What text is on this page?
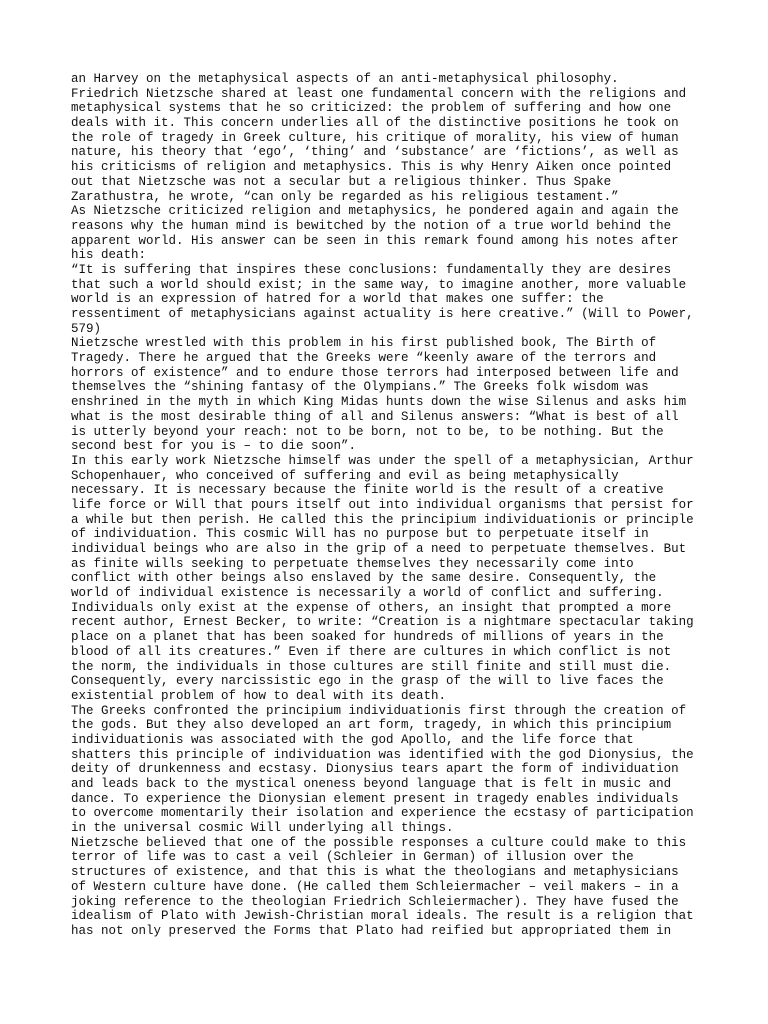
an Harvey on the metaphysical aspects of an anti-metaphysical philosophy.
Friedrich Nietzsche shared at least one fundamental concern with the religions and
metaphysical systems that he so criticized: the problem of suffering and how one
deals with it. This concern underlies all of the distinctive positions he took on
the role of tragedy in Greek culture, his critique of morality, his view of human
nature, his theory that ‘ego’, ‘thing’ and ‘substance’ are ‘fictions’, as well as
his criticisms of religion and metaphysics. This is why Henry Aiken once pointed
out that Nietzsche was not a secular but a religious thinker. Thus Spake
Zarathustra, he wrote, “can only be regarded as his religious testament.”
As Nietzsche criticized religion and metaphysics, he pondered again and again the
reasons why the human mind is bewitched by the notion of a true world behind the
apparent world. His answer can be seen in this remark found among his notes after
his death:
“It is suffering that inspires these conclusions: fundamentally they are desires
that such a world should exist; in the same way, to imagine another, more valuable
world is an expression of hatred for a world that makes one suffer: the
ressentiment of metaphysicians against actuality is here creative.” (Will to Power,
579)
Nietzsche wrestled with this problem in his first published book, The Birth of
Tragedy. There he argued that the Greeks were “keenly aware of the terrors and
horrors of existence” and to endure those terrors had interposed between life and
themselves the “shining fantasy of the Olympians.” The Greeks folk wisdom was
enshrined in the myth in which King Midas hunts down the wise Silenus and asks him
what is the most desirable thing of all and Silenus answers: “What is best of all
is utterly beyond your reach: not to be born, not to be, to be nothing. But the
second best for you is – to die soon”.
In this early work Nietzsche himself was under the spell of a metaphysician, Arthur
Schopenhauer, who conceived of suffering and evil as being metaphysically
necessary. It is necessary because the finite world is the result of a creative
life force or Will that pours itself out into individual organisms that persist for
a while but then perish. He called this the principium individuationis or principle
of individuation. This cosmic Will has no purpose but to perpetuate itself in
individual beings who are also in the grip of a need to perpetuate themselves. But
as finite wills seeking to perpetuate themselves they necessarily come into
conflict with other beings also enslaved by the same desire. Consequently, the
world of individual existence is necessarily a world of conflict and suffering.
Individuals only exist at the expense of others, an insight that prompted a more
recent author, Ernest Becker, to write: “Creation is a nightmare spectacular taking
place on a planet that has been soaked for hundreds of millions of years in the
blood of all its creatures.” Even if there are cultures in which conflict is not
the norm, the individuals in those cultures are still finite and still must die.
Consequently, every narcissistic ego in the grasp of the will to live faces the
existential problem of how to deal with its death.
The Greeks confronted the principium individuationis first through the creation of
the gods. But they also developed an art form, tragedy, in which this principium
individuationis was associated with the god Apollo, and the life force that
shatters this principle of individuation was identified with the god Dionysius, the
deity of drunkenness and ecstasy. Dionysius tears apart the form of individuation
and leads back to the mystical oneness beyond language that is felt in music and
dance. To experience the Dionysian element present in tragedy enables individuals
to overcome momentarily their isolation and experience the ecstasy of participation
in the universal cosmic Will underlying all things.
Nietzsche believed that one of the possible responses a culture could make to this
terror of life was to cast a veil (Schleier in German) of illusion over the
structures of existence, and that this is what the theologians and metaphysicians
of Western culture have done. (He called them Schleiermacher – veil makers – in a
joking reference to the theologian Friedrich Schleiermacher). They have fused the
idealism of Plato with Jewish-Christian moral ideals. The result is a religion that
has not only preserved the Forms that Plato had reified but appropriated them in
